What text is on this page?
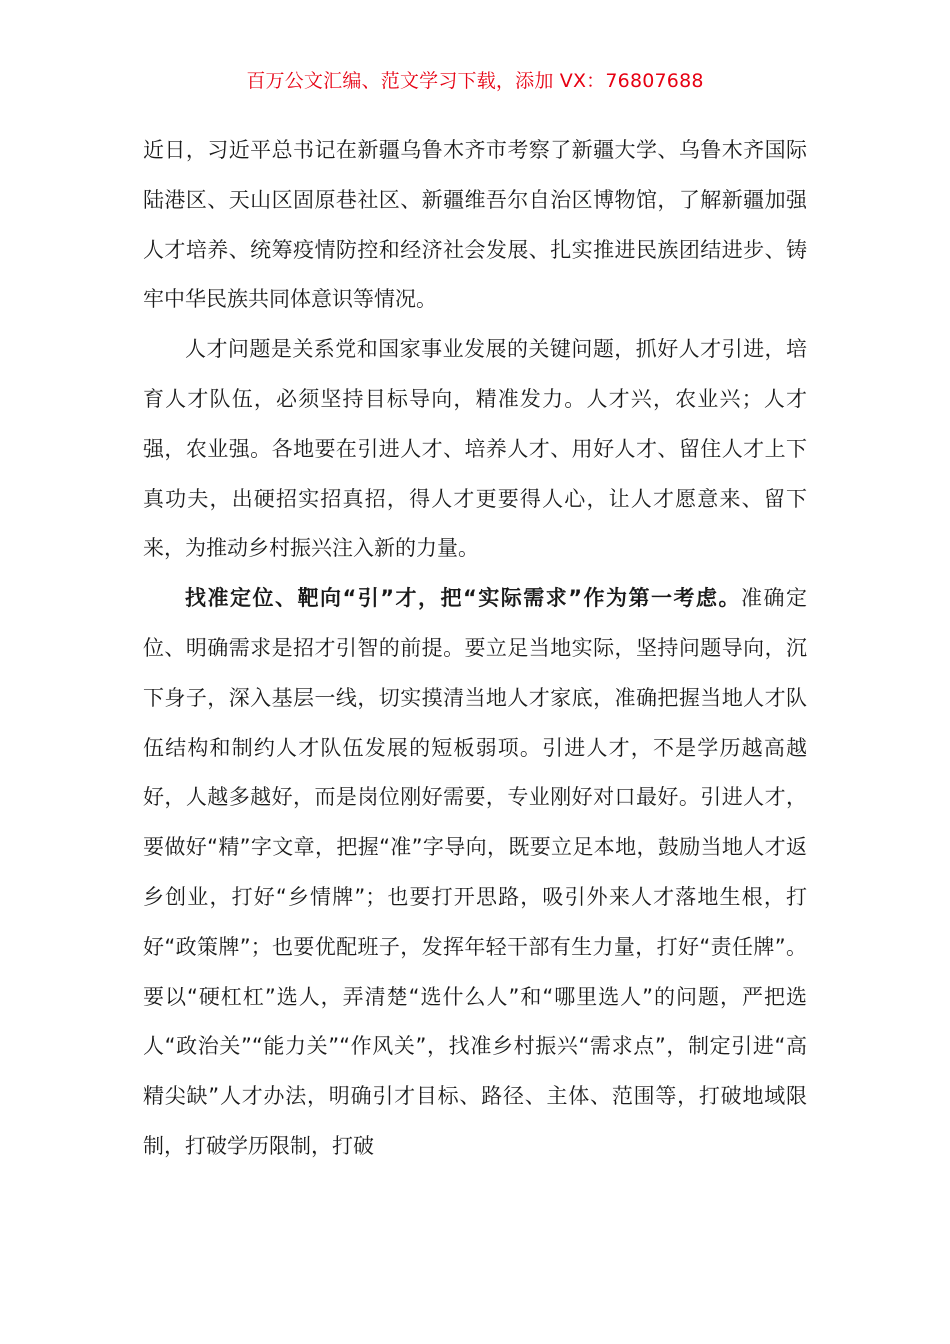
百万公文汇编、范文学习下载，添加 VX：76807688

近日，习近平总书记在新疆乌鲁木齐市考察了新疆大学、乌鲁木齐国际陆港区、天山区固原巷社区、新疆维吾尔自治区博物馆，了解新疆加强人才培养、统筹疫情防控和经济社会发展、扎实推进民族团结进步、铸牢中华民族共同体意识等情况。

人才问题是关系党和国家事业发展的关键问题，抓好人才引进，培育人才队伍，必须坚持目标导向，精准发力。人才兴，农业兴；人才强，农业强。各地要在引进人才、培养人才、用好人才、留住人才上下真功夫，出硬招实招真招，得人才更要得人心，让人才愿意来、留下来，为推动乡村振兴注入新的力量。

找准定位、靶向“引”才，把“实际需求”作为第一考虑。准确定位、明确需求是招才引智的前提。要立足当地实际，坚持问题导向，沉下身子，深入基层一线，切实摸清当地人才家底，准确把握当地人才队伍结构和制约人才队伍发展的短板弱项。引进人才，不是学历越高越好，人越多越好，而是岗位刚好需要，专业刚好对口最好。引进人才，要做好“精”字文章，把握“准”字导向，既要立足本地，鼓励当地人才返乡创业，打好“乡情牌”；也要打开思路，吸引外来人才落地生根，打好“政策牌”；也要优配班子，发挥年轻干部有生力量，打好“责任牌”。要以“硬杠杠”选人，弄清楚“选什么人”和“哪里选人”的问题，严把选人“政治关”“能力关”“作风关”，找准乡村振兴“需求点”，制定引进“高精尖缺”人才办法，明确引才目标、路径、主体、范围等，打破地域限制，打破学历限制，打破
